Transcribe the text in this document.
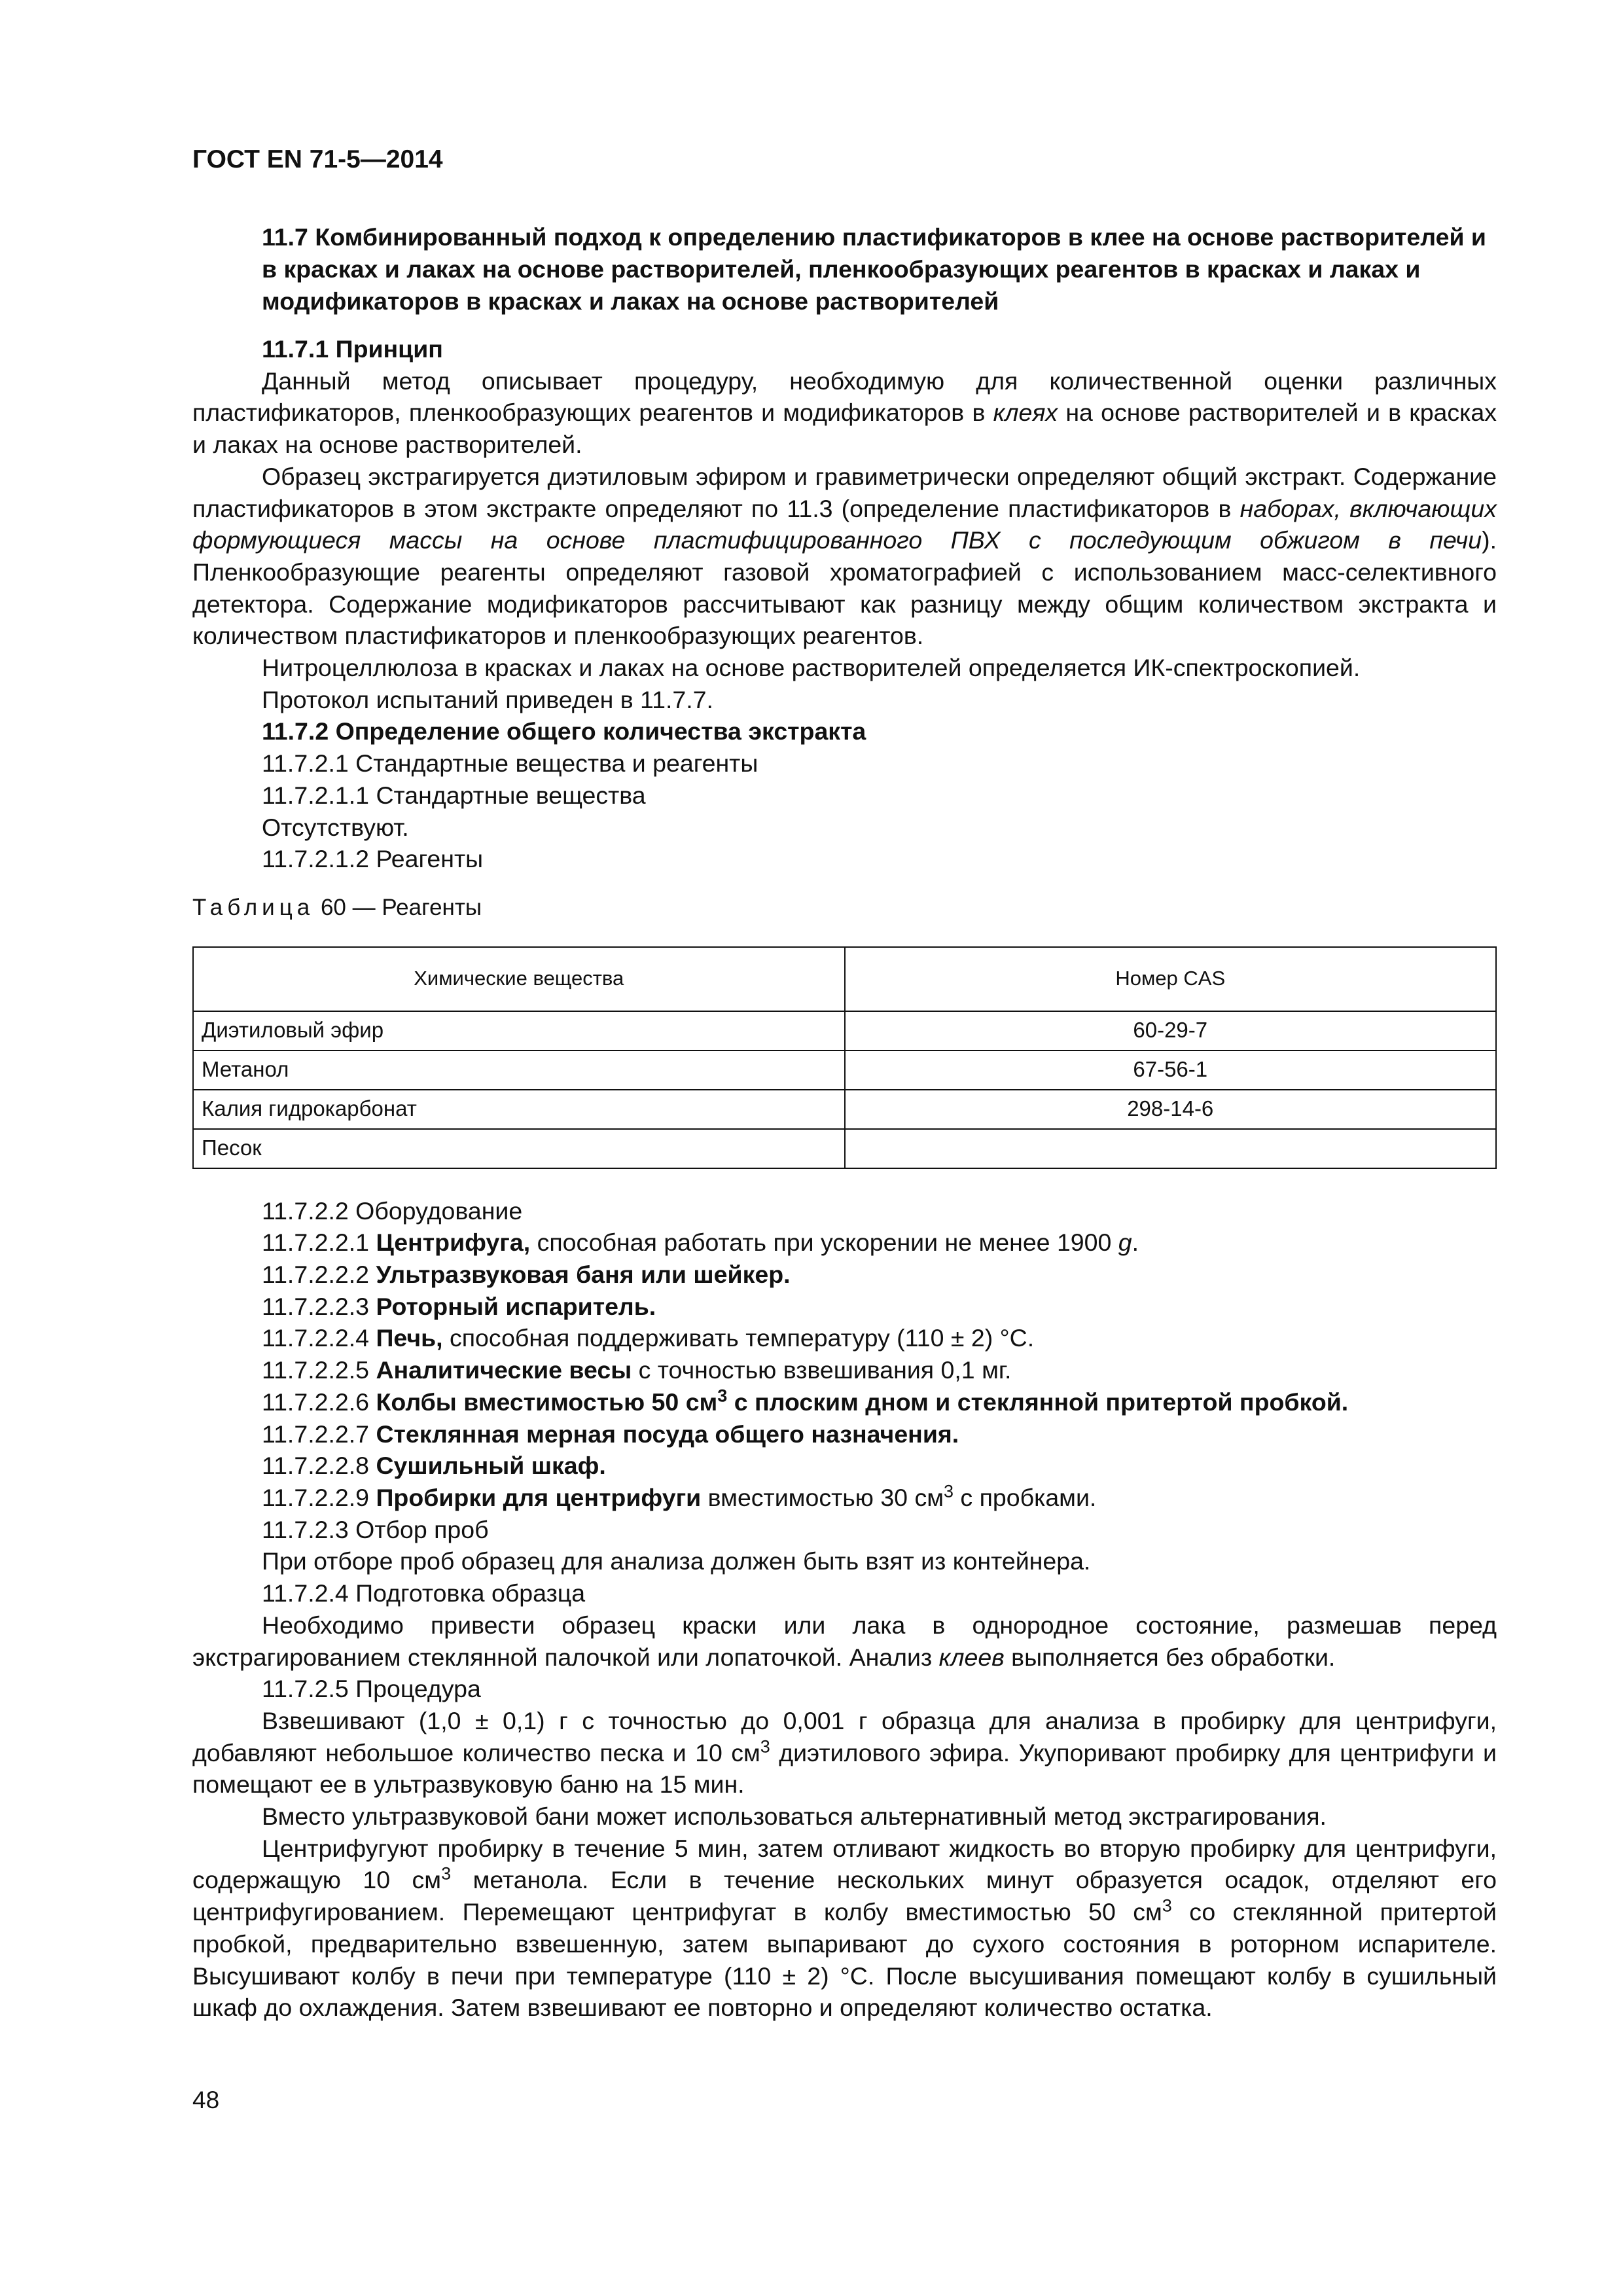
ГОСТ EN 71-5—2014

11.7 Комбинированный подход к определению пластификаторов в клее на основе растворителей и в красках и лаках на основе растворителей, пленкообразующих реагентов в красках и лаках и модификаторов в красках и лаках на основе растворителей

11.7.1 Принцип

Данный метод описывает процедуру, необходимую для количественной оценки различных пластификаторов, пленкообразующих реагентов и модификаторов в клеях на основе растворителей и в красках и лаках на основе растворителей.

Образец экстрагируется диэтиловым эфиром и гравиметрически определяют общий экстракт. Содержание пластификаторов в этом экстракте определяют по 11.3 (определение пластификаторов в наборах, включающих формующиеся массы на основе пластифицированного ПВХ с последующим обжигом в печи). Пленкообразующие реагенты определяют газовой хроматографией с использованием масс-селективного детектора. Содержание модификаторов рассчитывают как разницу между общим количеством экстракта и количеством пластификаторов и пленкообразующих реагентов.

Нитроцеллюлоза в красках и лаках на основе растворителей определяется ИК-спектроскопией.

Протокол испытаний приведен в 11.7.7.

11.7.2 Определение общего количества экстракта

11.7.2.1 Стандартные вещества и реагенты

11.7.2.1.1 Стандартные вещества

Отсутствуют.

11.7.2.1.2 Реагенты

Таблица 60 — Реагенты

Химические вещества	Номер CAS
Диэтиловый эфир	60-29-7
Метанол	67-56-1
Калия гидрокарбонат	298-14-6
Песок	

11.7.2.2 Оборудование

11.7.2.2.1 Центрифуга, способная работать при ускорении не менее 1900 g.

11.7.2.2.2 Ультразвуковая баня или шейкер.

11.7.2.2.3 Роторный испаритель.

11.7.2.2.4 Печь, способная поддерживать температуру (110 ± 2) °С.

11.7.2.2.5 Аналитические весы с точностью взвешивания 0,1 мг.

11.7.2.2.6 Колбы вместимостью 50 $см^3$ с плоским дном и стеклянной притертой пробкой.

11.7.2.2.7 Стеклянная мерная посуда общего назначения.

11.7.2.2.8 Сушильный шкаф.

11.7.2.2.9 Пробирки для центрифуги вместимостью 30 $см^3$ с пробками.

11.7.2.3 Отбор проб

При отборе проб образец для анализа должен быть взят из контейнера.

11.7.2.4 Подготовка образца

Необходимо привести образец краски или лака в однородное состояние, размешав перед экстрагированием стеклянной палочкой или лопаточкой. Анализ клеев выполняется без обработки.

11.7.2.5 Процедура

Взвешивают (1,0 ± 0,1) г с точностью до 0,001 г образца для анализа в пробирку для центрифуги, добавляют небольшое количество песка и 10 $см^3$ диэтилового эфира. Укупоривают пробирку для центрифуги и помещают ее в ультразвуковую баню на 15 мин.

Вместо ультразвуковой бани может использоваться альтернативный метод экстрагирования.

Центрифугуют пробирку в течение 5 мин, затем отливают жидкость во вторую пробирку для центрифуги, содержащую 10 $см^3$ метанола. Если в течение нескольких минут образуется осадок, отделяют его центрифугированием. Перемещают центрифугат в колбу вместимостью 50 $см^3$ со стеклянной притертой пробкой, предварительно взвешенную, затем выпаривают до сухого состояния в роторном испарителе. Высушивают колбу в печи при температуре (110 ± 2) °С. После высушивания помещают колбу в сушильный шкаф до охлаждения. Затем взвешивают ее повторно и определяют количество остатка.

48
